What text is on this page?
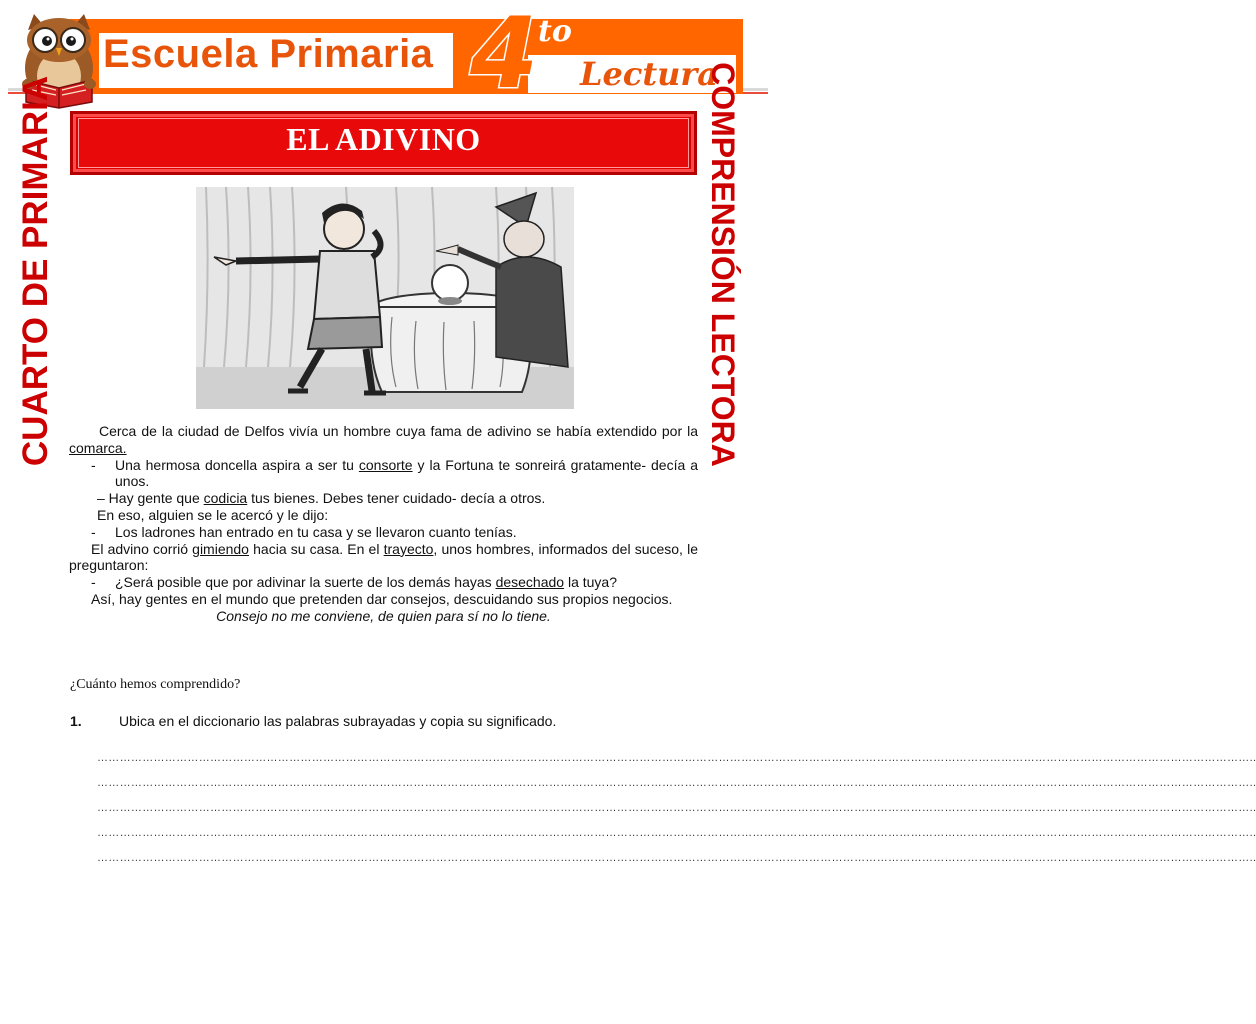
Escuela Primaria 4 to
Lectura
EL ADIVINO
CUARTO DE PRIMARIA	COMPRENSIÓN LECTORA

Cerca de la ciudad de Delfos vivía un hombre cuya fama de adivino se había extendido por la comarca.

- Una hermosa doncella aspira a ser tu consorte y la Fortuna te sonreirá gratamente- decía a unos.

– Hay gente que codicia tus bienes. Debes tener cuidado- decía a otros.

En eso, alguien se le acercó y le dijo:

- Los ladrones han entrado en tu casa y se llevaron cuanto tenías.

El advino corrió gimiendo hacia su casa. En el trayecto, unos hombres, informados del suceso, le preguntaron:

- ¿Será posible que por adivinar la suerte de los demás hayas desechado la tuya?

Así, hay gentes en el mundo que pretenden dar consejos, descuidando sus propios negocios.

Consejo no me conviene, de quien para sí no lo tiene.

¿Cuánto hemos comprendido?
1.	Ubica en el diccionario las palabras subrayadas y copia su significado.
………………………………………………………………………………………………………………………………………………………………………………………………………………………………………………………………………………..
………………………………………………………………………………………………………………………………………………………………………………………………………………………………………………………………………………..
………………………………………………………………………………………………………………………………………………………………………………………………………………………………………………………………………………..
………………………………………………………………………………………………………………………………………………………………………………………………………………………………………………………………………………..
………………………………………………………………………………………………………………………………………………………………………………………………………………………………………………………………………………..
